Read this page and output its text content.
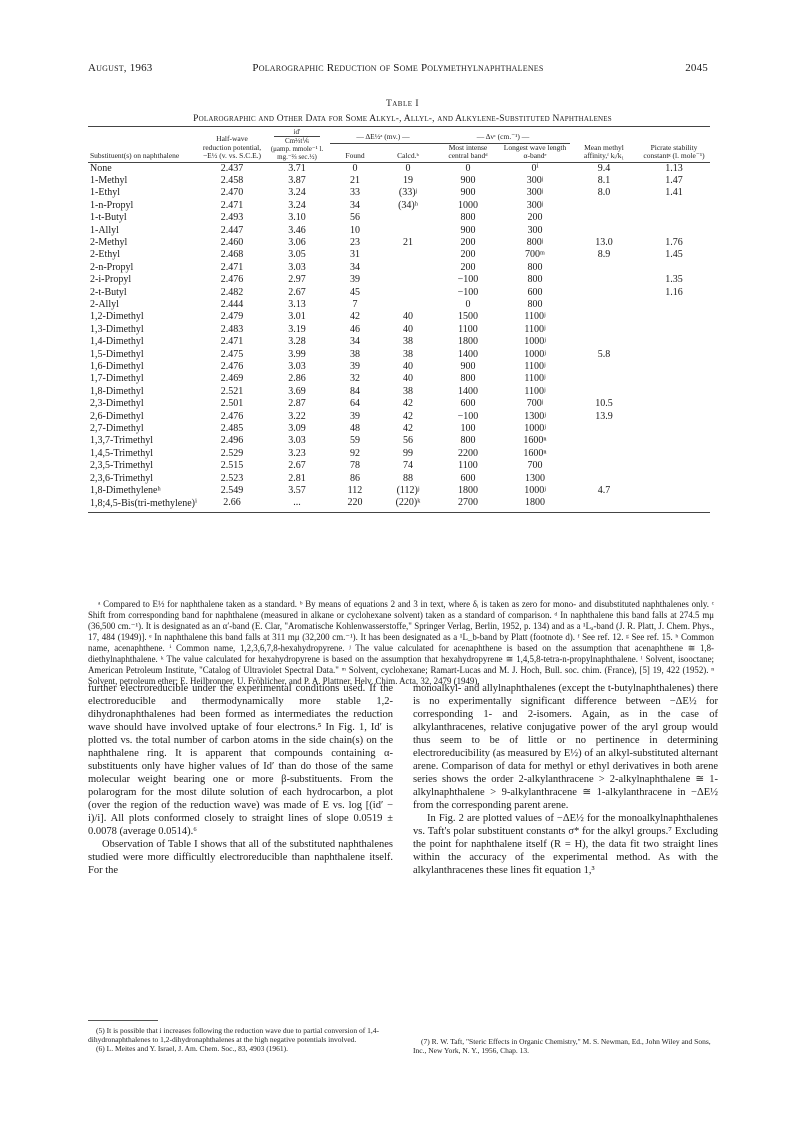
August, 1963	Polarographic Reduction of Some Polymethylnaphthalenes	2045
Table I
Polarographic and Other Data for Some Alkyl-, Allyl-, and Alkylene-Substituted Naphthalenes
Substituent(s) on naphthalene	Half-wave reduction potential, −E½ (v. vs. S.C.E.)	id′
Cm⅔t⅙
(μamp. mmole⁻¹ l. mg.⁻⅔ sec.½)	— ΔE½ᵃ (mv.) —		— Δνᶜ (cm.⁻¹) —		Mean methyl affinity,ᶠ kᵢ/k₁	Picrate stability constantᵍ (l. mole⁻¹)
			Found	Calcd.ᵇ	Most intense central bandᵈ	Longest wave length α-bandᵉ		
None	2.437	3.71	0	0	0	0ⁱ	9.4	1.13
1-Methyl	2.458	3.87	21	19	900	300ʲ	8.1	1.47
1-Ethyl	2.470	3.24	33	(33)ʲ	900	300ʲ	8.0	1.41
1-n-Propyl	2.471	3.24	34	(34)ʰ	1000	300ʲ		
1-t-Butyl	2.493	3.10	56		800	200		
1-Allyl	2.447	3.46	10		900	300		
2-Methyl	2.460	3.06	23	21	200	800ʲ	13.0	1.76
2-Ethyl	2.468	3.05	31		200	700ᵐ	8.9	1.45
2-n-Propyl	2.471	3.03	34		200	800		
2-i-Propyl	2.476	2.97	39		−100	800		1.35
2-t-Butyl	2.482	2.67	45		−100	600		1.16
2-Allyl	2.444	3.13	7		0	800		
1,2-Dimethyl	2.479	3.01	42	40	1500	1100ʲ		
1,3-Dimethyl	2.483	3.19	46	40	1100	1100ʲ		
1,4-Dimethyl	2.471	3.28	34	38	1800	1000ʲ		
1,5-Dimethyl	2.475	3.99	38	38	1400	1000ʲ	5.8	
1,6-Dimethyl	2.476	3.03	39	40	900	1100ʲ		
1,7-Dimethyl	2.469	2.86	32	40	800	1100ʲ		
1,8-Dimethyl	2.521	3.69	84	38	1400	1100ʲ		
2,3-Dimethyl	2.501	2.87	64	42	600	700ʲ	10.5	
2,6-Dimethyl	2.476	3.22	39	42	−100	1300ʲ	13.9	
2,7-Dimethyl	2.485	3.09	48	42	100	1000ʲ		
1,3,7-Trimethyl	2.496	3.03	59	56	800	1600ⁿ		
1,4,5-Trimethyl	2.529	3.23	92	99	2200	1600ⁿ		
2,3,5-Trimethyl	2.515	2.67	78	74	1100	700		
2,3,6-Trimethyl	2.523	2.81	86	88	600	1300		
1,8-Dimethyleneʰ	2.549	3.57	112	(112)ʲ	1800	1000ʲ	4.7	
1,8;4,5-Bis(tri-methylene)ⁱ	2.66	...	220	(220)ᵏ	2700	1800		
ᵃ Compared to E½ for naphthalene taken as a standard. ᵇ By means of equations 2 and 3 in text, where δᵢ is taken as zero for mono- and disubstituted naphthalenes only. ᶜ Shift from corresponding band for naphthalene (measured in alkane or cyclohexane solvent) taken as a standard of comparison. ᵈ In naphthalene this band falls at 274.5 mμ (36,500 cm.⁻¹). It is designated as an α′-band (E. Clar, "Aromatische Kohlenwasserstoffe," Springer Verlag, Berlin, 1952, p. 134) and as a ¹Lₐ-band (J. R. Platt, J. Chem. Phys., 17, 484 (1949)]. ᵉ In naphthalene this band falls at 311 mμ (32,200 cm.⁻¹). It has been designated as a ¹L_b-band by Platt (footnote d). ᶠ See ref. 12. ᵍ See ref. 15. ʰ Common name, acenaphthene. ⁱ Common name, 1,2,3,6,7,8-hexahydropyrene. ʲ The value calculated for acenaphthene is based on the assumption that acenaphthene ≅ 1,8-diethylnaphthalene. ᵏ The value calculated for hexahydropyrene is based on the assumption that hexahydropyrene ≅ 1,4,5,8-tetra-n-propylnaphthalene. ˡ Solvent, isooctane; American Petroleum Institute, "Catalog of Ultraviolet Spectral Data." ᵐ Solvent, cyclohexane; Ramart-Lucas and M. J. Hoch, Bull. soc. chim. (France), [5] 19, 422 (1952). ⁿ Solvent, petroleum ether; E. Heilbronner, U. Fröhlicher, and P. A. Plattner, Helv. Chim. Acta, 32, 2479 (1949).

further electroreducible under the experimental conditions used. If the electroreducible and thermodynamically more stable 1,2-dihydronaphthalenes had been formed as intermediates the reduction wave should have involved uptake of four electrons.⁵ In Fig. 1, Id′ is plotted vs. the total number of carbon atoms in the side chain(s) on the naphthalene ring. It is apparent that compounds containing α-substituents only have higher values of Id′ than do those of the same molecular weight bearing one or more β-substituents. From the polarogram for the most dilute solution of each hydrocarbon, a plot (over the region of the reduction wave) was made of E vs. log [(id′ − i)/i]. All plots conformed closely to straight lines of slope 0.0519 ± 0.0078 (average 0.0514).⁶

Observation of Table I shows that all of the substituted naphthalenes studied were more difficultly electroreducible than naphthalene itself. For the

monoalkyl- and allylnaphthalenes (except the t-butylnaphthalenes) there is no experimentally significant difference between −ΔE½ for corresponding 1- and 2-isomers. Again, as in the case of alkylanthracenes, relative conjugative power of the aryl group would thus seem to be of little or no pertinence in determining electroreducibility (as measured by E½) of an alkyl-substituted alternant arene. Comparison of data for methyl or ethyl derivatives in both arene series shows the order 2-alkylanthracene > 2-alkylnaphthalene ≅ 1-alkylnaphthalene > 9-alkylanthracene ≅ 1-alkylanthracene in −ΔE½ from the corresponding parent arene.

In Fig. 2 are plotted values of −ΔE½ for the monoalkylnaphthalenes vs. Taft's polar substituent constants σ* for the alkyl groups.⁷ Excluding the point for naphthalene itself (R = H), the data fit two straight lines within the accuracy of the experimental method. As with the alkylanthracenes these lines fit equation 1,³

(5) It is possible that i increases following the reduction wave due to partial conversion of 1,4-dihydronaphthalenes to 1,2-dihydronaphthalenes at the high negative potentials involved.

(6) L. Meites and Y. Israel, J. Am. Chem. Soc., 83, 4903 (1961).

(7) R. W. Taft, "Steric Effects in Organic Chemistry," M. S. Newman, Ed., John Wiley and Sons, Inc., New York, N. Y., 1956, Chap. 13.
